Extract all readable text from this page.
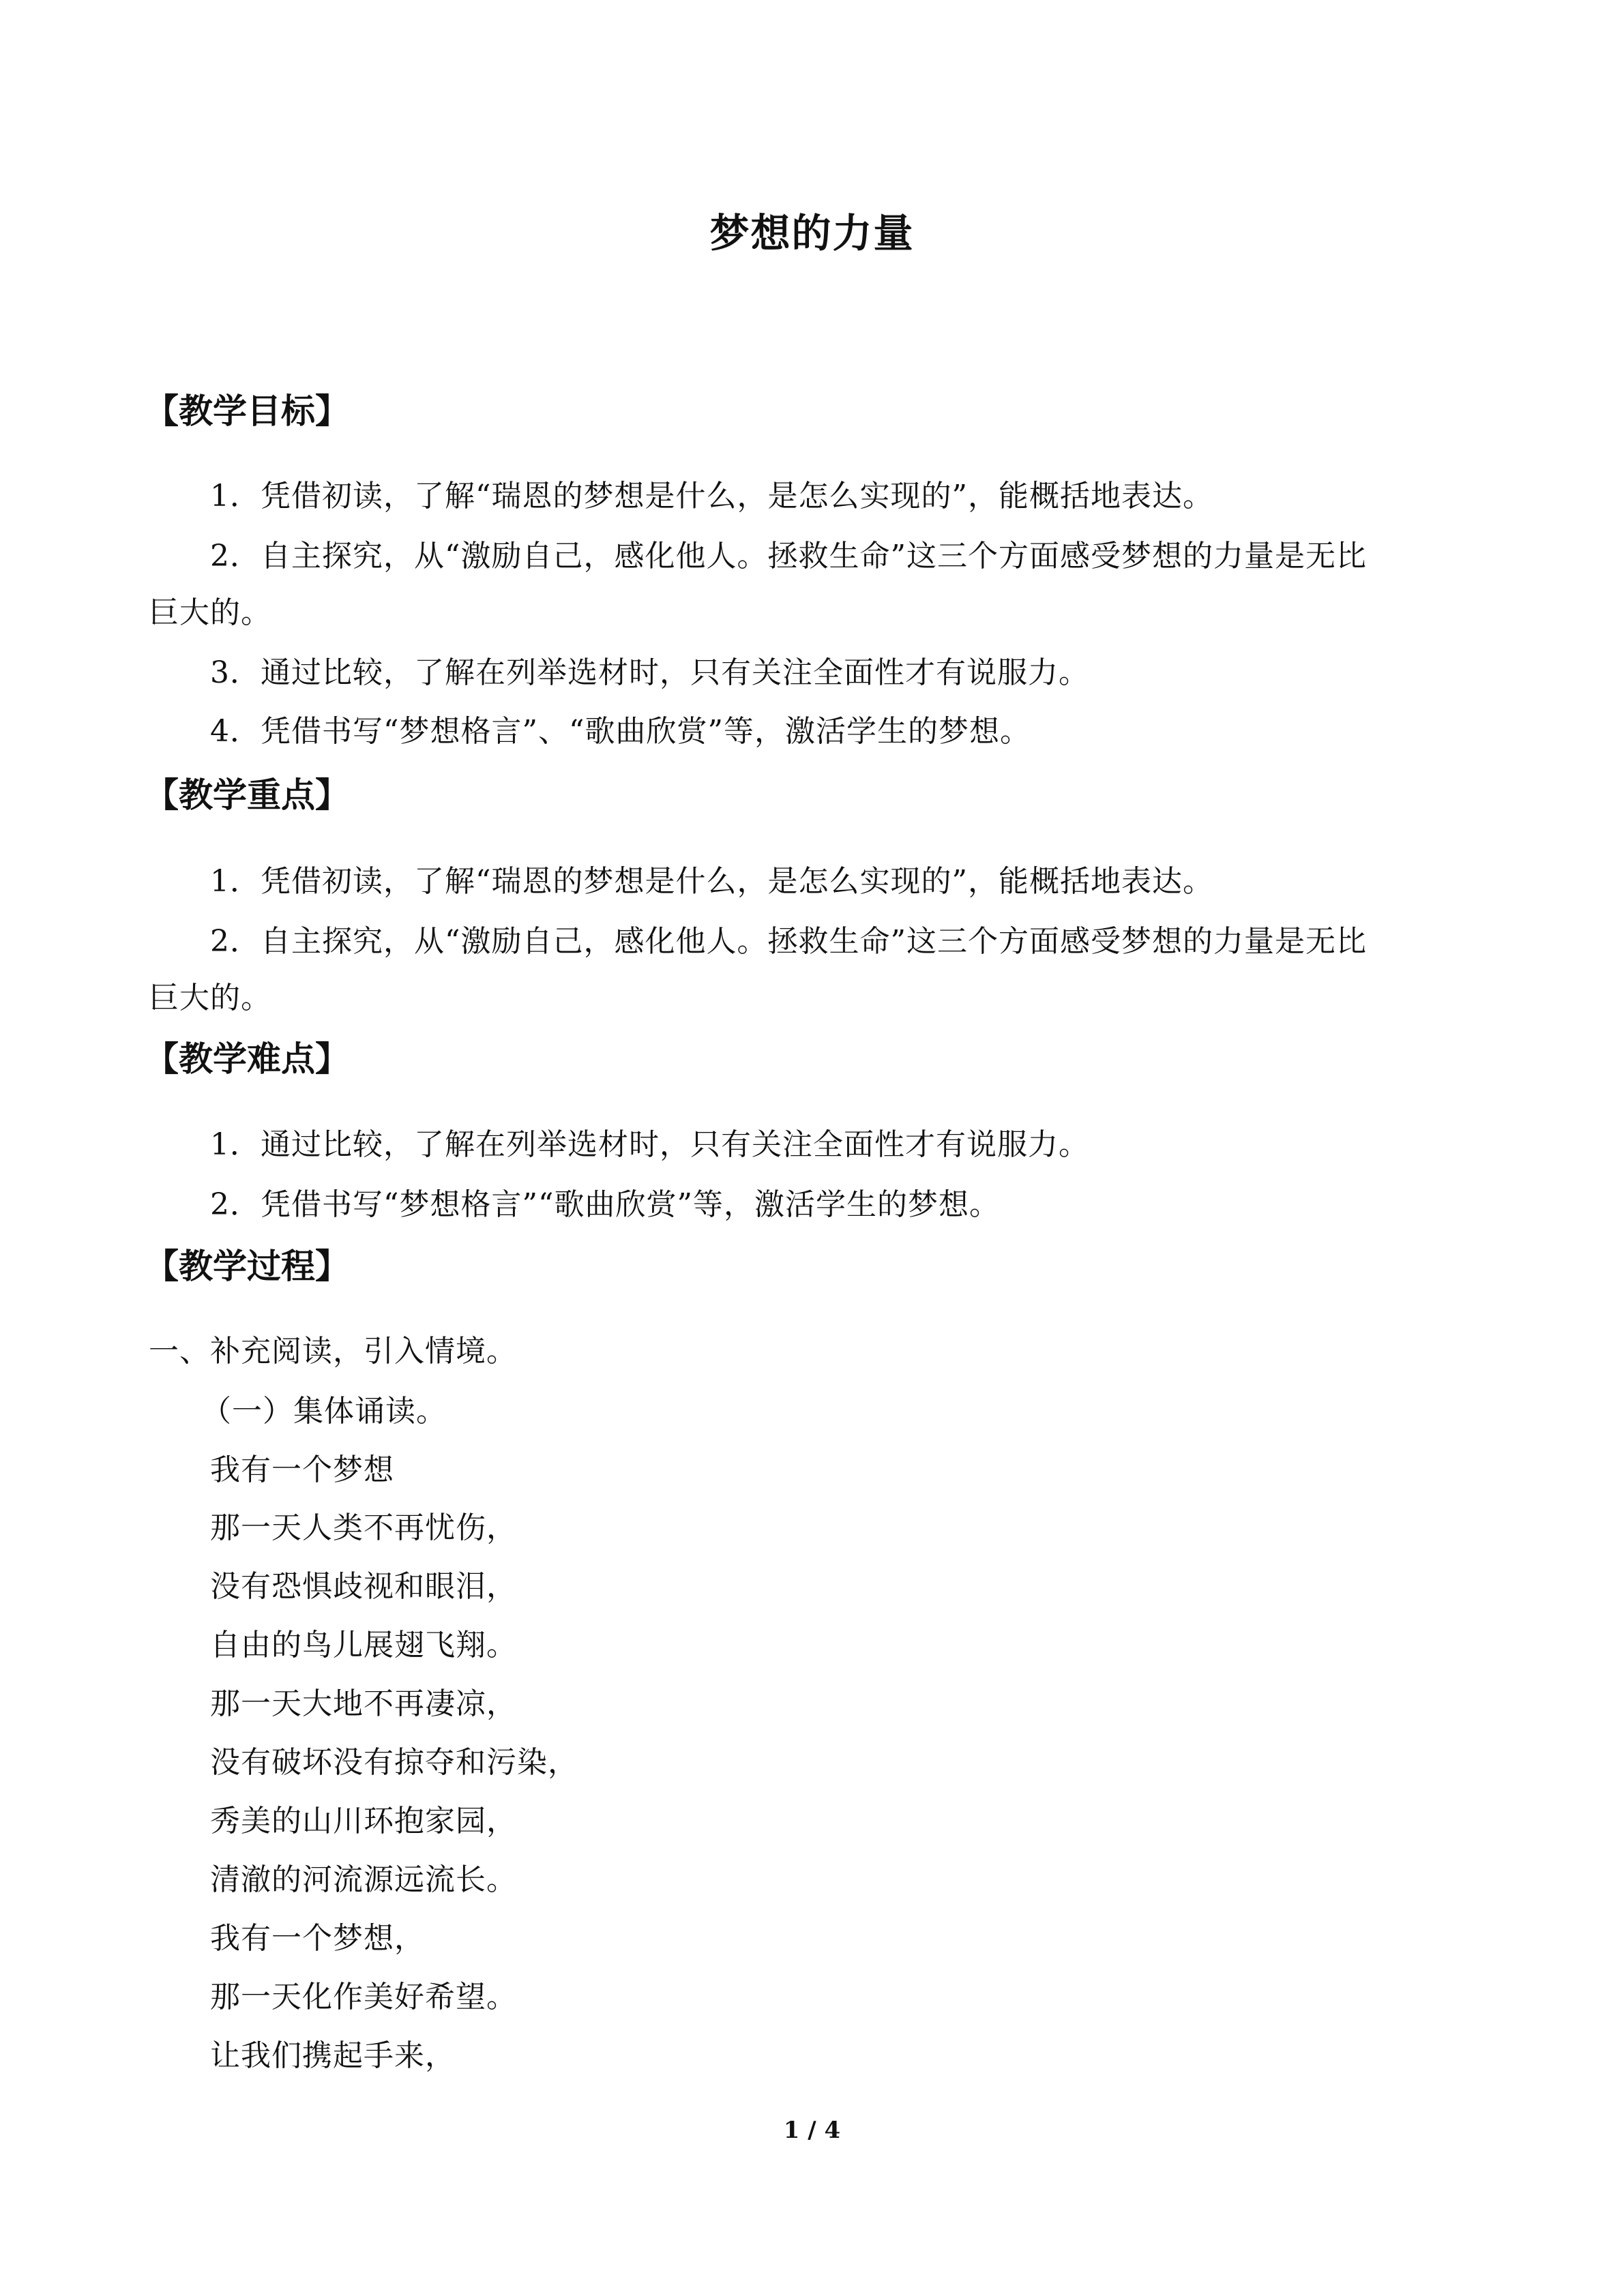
梦想的力量
【教学目标】
1．凭借初读，了解“瑞恩的梦想是什么，是怎么实现的”，能概括地表达。
2．自主探究，从“激励自己，感化他人。拯救生命”这三个方面感受梦想的力量是无比
巨大的。
3．通过比较，了解在列举选材时，只有关注全面性才有说服力。
4．凭借书写“梦想格言”、“歌曲欣赏”等，激活学生的梦想。
【教学重点】
1．凭借初读，了解“瑞恩的梦想是什么，是怎么实现的”，能概括地表达。
2．自主探究，从“激励自己，感化他人。拯救生命”这三个方面感受梦想的力量是无比
巨大的。
【教学难点】
1．通过比较，了解在列举选材时，只有关注全面性才有说服力。
2．凭借书写“梦想格言”“歌曲欣赏”等，激活学生的梦想。
【教学过程】
一、补充阅读，引入情境。
（一）集体诵读。
我有一个梦想
那一天人类不再忧伤，
没有恐惧歧视和眼泪，
自由的鸟儿展翅飞翔。
那一天大地不再凄凉，
没有破坏没有掠夺和污染，
秀美的山川环抱家园，
清澈的河流源远流长。
我有一个梦想，
那一天化作美好希望。
让我们携起手来，
1 / 4
